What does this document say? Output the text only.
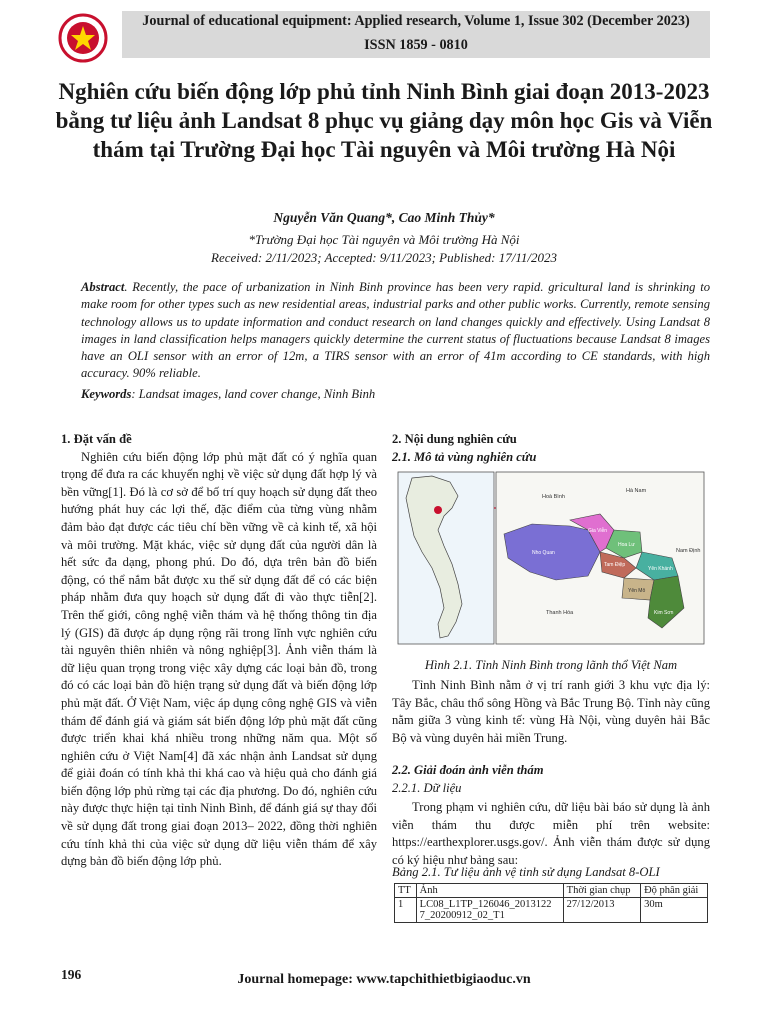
Journal of educational equipment: Applied research, Volume 1, Issue 302 (December 2023)
ISSN 1859 - 0810
Nghiên cứu biến động lớp phủ tỉnh Ninh Bình giai đoạn 2013-2023 bằng tư liệu ảnh Landsat 8 phục vụ giảng dạy môn học Gis và Viễn thám tại Trường Đại học Tài nguyên và Môi trường Hà Nội
Nguyễn Văn Quang*, Cao Minh Thủy*
*Trường Đại học Tài nguyên và Môi trường Hà Nội
Received: 2/11/2023; Accepted: 9/11/2023; Published: 17/11/2023
Abstract. Recently, the pace of urbanization in Ninh Binh province has been very rapid. gricultural land is shrinking to make room for other types such as new residential areas, industrial parks and other public works. Currently, remote sensing technology allows us to update information and conduct research on land changes quickly and effectively. Using Landsat 8 images in land classification helps managers quickly determine the current status of fluctuations because Landsat 8 images have an OLI sensor with an error of 12m, a TIRS sensor with an error of 41m according to CE standards, with high accuracy. 90% reliable.
Keywords: Landsat images, land cover change, Ninh Binh
1. Đặt vấn đề

Nghiên cứu biến động lớp phủ mặt đất có ý nghĩa quan trọng để đưa ra các khuyến nghị về việc sử dụng đất hợp lý và bền vững[1]. Đó là cơ sở để bố trí quy hoạch sử dụng đất theo hướng phát huy các lợi thế, đặc điểm của từng vùng nhằm đảm bảo đạt được các tiêu chí bền vững về cả kinh tế, xã hội và môi trường. Mặt khác, việc sử dụng đất của người dân là hết sức đa dạng, phong phú. Do đó, dựa trên bản đồ biến động, có thể nắm bắt được xu thế sử dụng đất để có các biện pháp nhằm đưa quy hoạch sử dụng đất đi vào thực tiễn[2]. Trên thế giới, công nghệ viễn thám và hệ thống thông tin địa lý (GIS) đã được áp dụng rộng rãi trong lĩnh vực nghiên cứu tài nguyên thiên nhiên và nông nghiệp[3]. Ảnh viễn thám là dữ liệu quan trọng trong việc xây dựng các loại bản đồ, trong đó có các loại bản đồ hiện trạng sử dụng đất và biến động lớp phủ mặt đất. Ở Việt Nam, việc áp dụng công nghệ GIS và viễn thám để đánh giá và giám sát biến động lớp phủ mặt đất cũng được triển khai khá nhiều trong những năm qua. Một số nghiên cứu ở Việt Nam[4] đã xác nhận ảnh Landsat sử dụng để giải đoán có tính khả thi khá cao và hiệu quả cho đánh giá biến động lớp phủ rừng tại các địa phương. Do đó, nghiên cứu này được thực hiện tại tỉnh Ninh Bình, để đánh giá sự thay đổi về sử dụng đất trong giai đoạn 2013– 2022, đồng thời nghiên cứu tính khả thi của việc sử dụng dữ liệu viễn thám để xây dựng bản đồ biến động lớp phủ.

2. Nội dung nghiên cứu

2.1. Mô tả vùng nghiên cứu

Hoà Bình
Hà Nam
Nam Định
Thanh Hóa
Nho Quan
Gia Viễn
Hoa Lư
Yên Khánh
Yên Mô
Kim Sơn
Tam Điệp
Hình 2.1. Tỉnh Ninh Bình trong lãnh thổ Việt Nam

Tỉnh Ninh Bình nằm ở vị trí ranh giới 3 khu vực địa lý: Tây Bắc, châu thổ sông Hồng và Bắc Trung Bộ. Tỉnh này cũng nằm giữa 3 vùng kinh tế: vùng Hà Nội, vùng duyên hải Bắc Bộ và vùng duyên hải miền Trung.

2.2. Giải đoán ảnh viễn thám
2.2.1. Dữ liệu

Trong phạm vi nghiên cứu, dữ liệu bài báo sử dụng là ảnh viễn thám thu được miễn phí trên website: https://earthexplorer.usgs.gov/. Ảnh viễn thám được sử dụng có ký hiệu như bảng sau:

Bảng 2.1. Tư liệu ảnh vệ tinh sử dụng Landsat 8-OLI
TT	Ảnh	Thời gian chụp	Độ phân giải
1	LC08_L1TP_126046_2013122 7_20200912_02_T1	27/12/2013	30m
196	Journal homepage: www.tapchithietbigiaoduc.vn
